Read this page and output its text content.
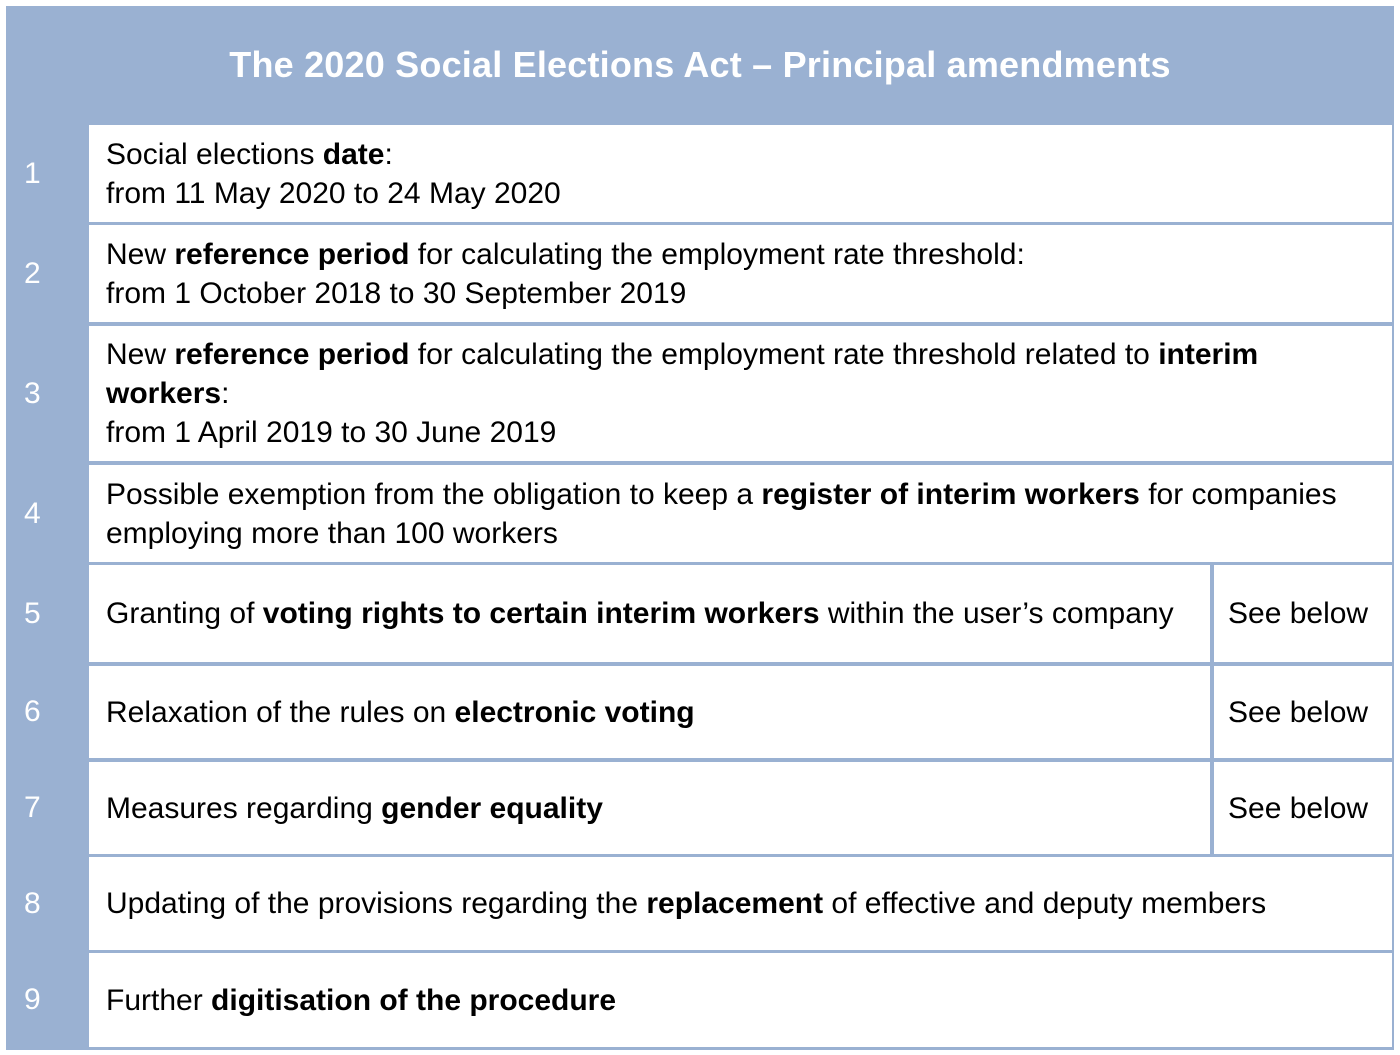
The 2020 Social Elections Act – Principal amendments
1
Social elections date:
from 11 May 2020 to 24 May 2020
2
New reference period for calculating the employment rate threshold:
from 1 October 2018 to 30 September 2019
3
New reference period for calculating the employment rate threshold related to interim workers:
from 1 April 2019 to 30 June 2019
4
Possible exemption from the obligation to keep a register of interim workers for companies employing more than 100 workers
5	Granting of voting rights to certain interim workers within the user’s company	See below
6	Relaxation of the rules on electronic voting	See below
7	Measures regarding gender equality	See below
8	Updating of the provisions regarding the replacement of effective and deputy members
9	Further digitisation of the procedure
